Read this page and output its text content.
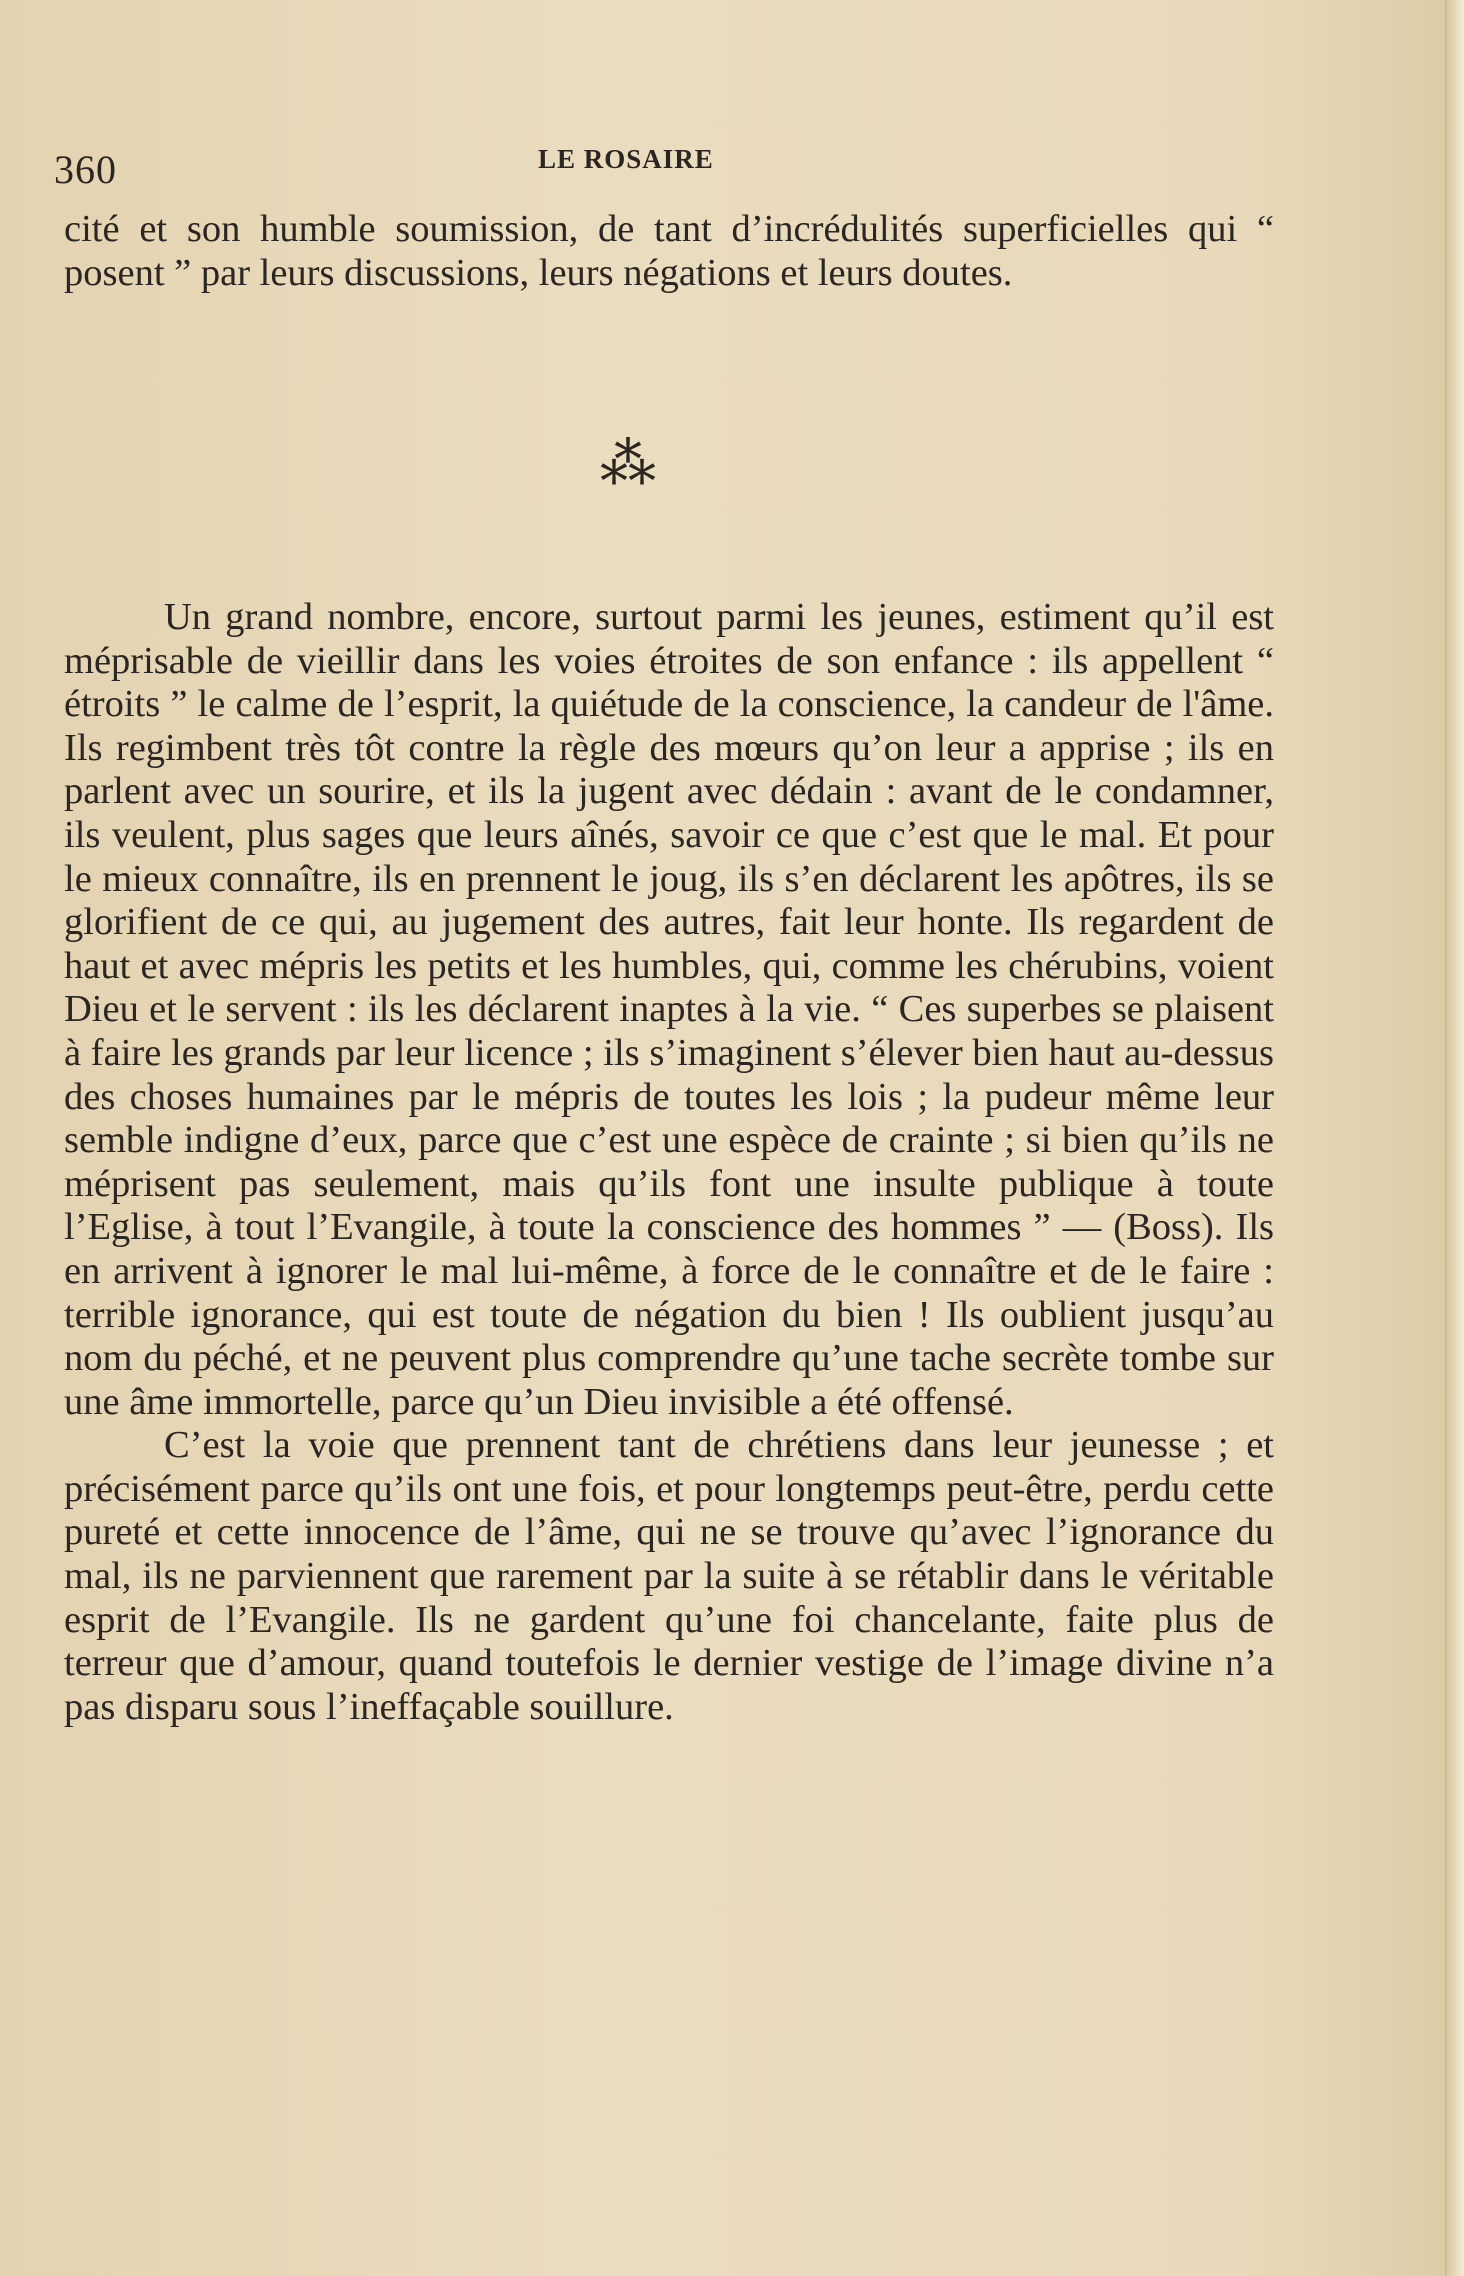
360	LE ROSAIRE
cité et son humble soumission, de tant d’incrédulités superficielles qui “ posent ” par leurs discussions, leurs négations et leurs doutes.
⁂

Un grand nombre, encore, surtout parmi les jeunes, estiment qu’il est méprisable de vieillir dans les voies étroites de son enfance : ils appellent “ étroits ” le calme de l’esprit, la quiétude de la conscience, la candeur de l'âme. Ils regimbent très tôt contre la règle des mœurs qu’on leur a apprise ; ils en parlent avec un sourire, et ils la jugent avec dédain : avant de le condamner, ils veulent, plus sages que leurs aînés, savoir ce que c’est que le mal. Et pour le mieux connaître, ils en prennent le joug, ils s’en déclarent les apôtres, ils se glorifient de ce qui, au jugement des autres, fait leur honte. Ils regardent de haut et avec mépris les petits et les humbles, qui, comme les chérubins, voient Dieu et le servent : ils les déclarent inaptes à la vie. “ Ces superbes se plaisent à faire les grands par leur licence ; ils s’imaginent s’élever bien haut au-dessus des choses humaines par le mépris de toutes les lois ; la pudeur même leur semble indigne d’eux, parce que c’est une espèce de crainte ; si bien qu’ils ne méprisent pas seulement, mais qu’ils font une insulte publique à toute l’Eglise, à tout l’Evangile, à toute la conscience des hommes ” — (Boss). Ils en arrivent à ignorer le mal lui-même, à force de le connaître et de le faire : terrible ignorance, qui est toute de négation du bien ! Ils oublient jusqu’au nom du péché, et ne peuvent plus comprendre qu’une tache secrète tombe sur une âme immortelle, parce qu’un Dieu invisible a été offensé.

C’est la voie que prennent tant de chrétiens dans leur jeunesse ; et précisément parce qu’ils ont une fois, et pour longtemps peut-être, perdu cette pureté et cette innocence de l’âme, qui ne se trouve qu’avec l’ignorance du mal, ils ne parviennent que rarement par la suite à se rétablir dans le véritable esprit de l’Evangile. Ils ne gardent qu’une foi chancelante, faite plus de terreur que d’amour, quand toutefois le dernier vestige de l’image divine n’a pas disparu sous l’ineffaçable souillure.
